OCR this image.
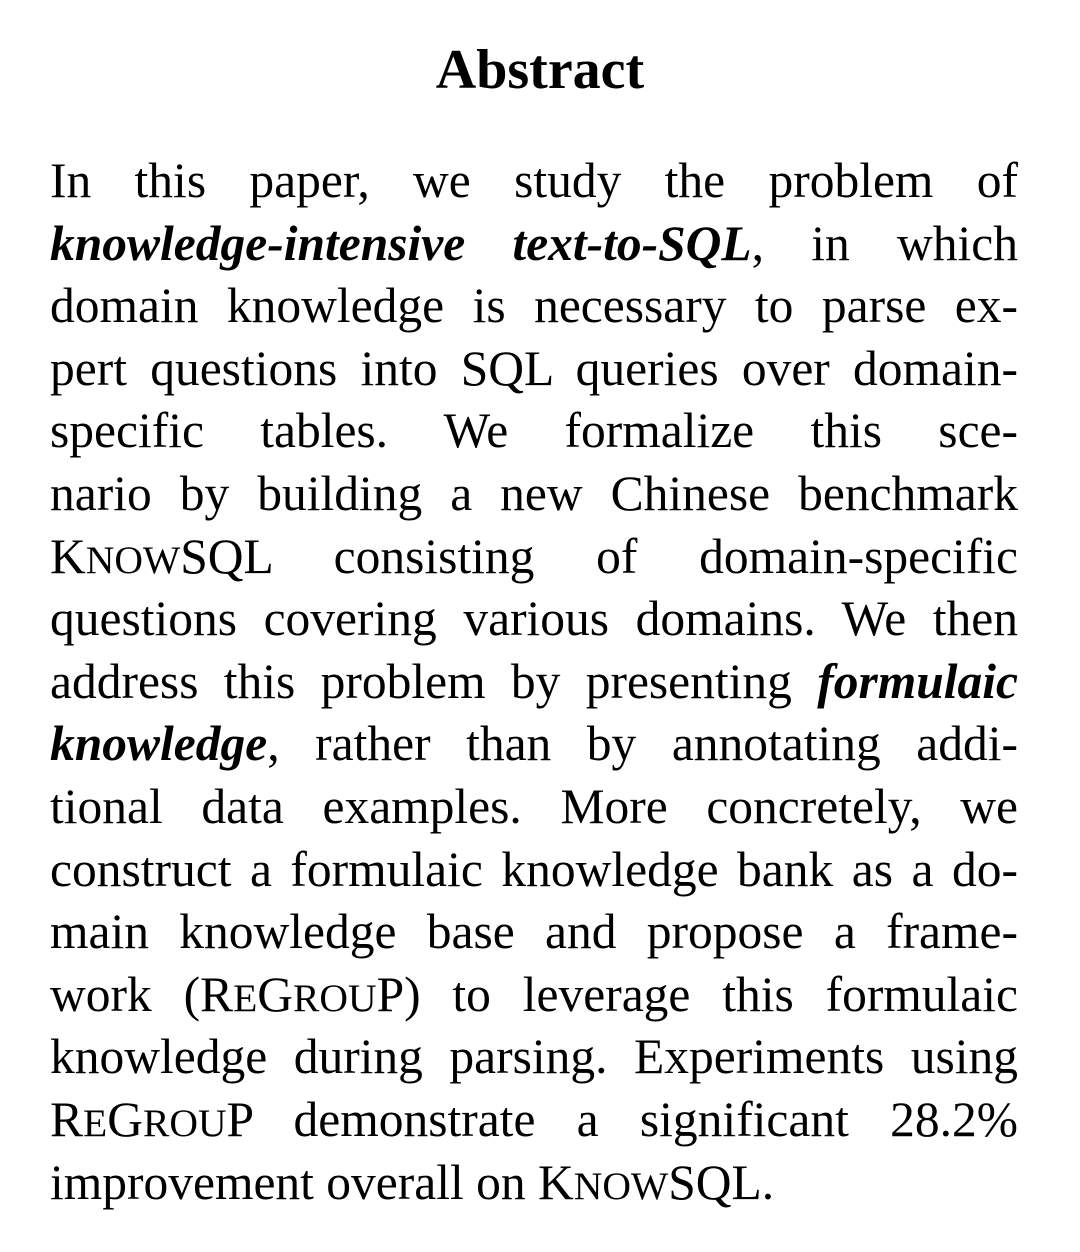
Abstract
In this paper, we study the problem of
knowledge-intensive text-to-SQL, in which
domain knowledge is necessary to parse ex-
pert questions into SQL queries over domain-
specific tables. We formalize this sce-
nario by building a new Chinese benchmark
KNOWSQL consisting of domain-specific
questions covering various domains. We then
address this problem by presenting formulaic
knowledge, rather than by annotating addi-
tional data examples. More concretely, we
construct a formulaic knowledge bank as a do-
main knowledge base and propose a frame-
work (REGROUP) to leverage this formulaic
knowledge during parsing. Experiments using
REGROUP demonstrate a significant 28.2%
improvement overall on KNOWSQL.
